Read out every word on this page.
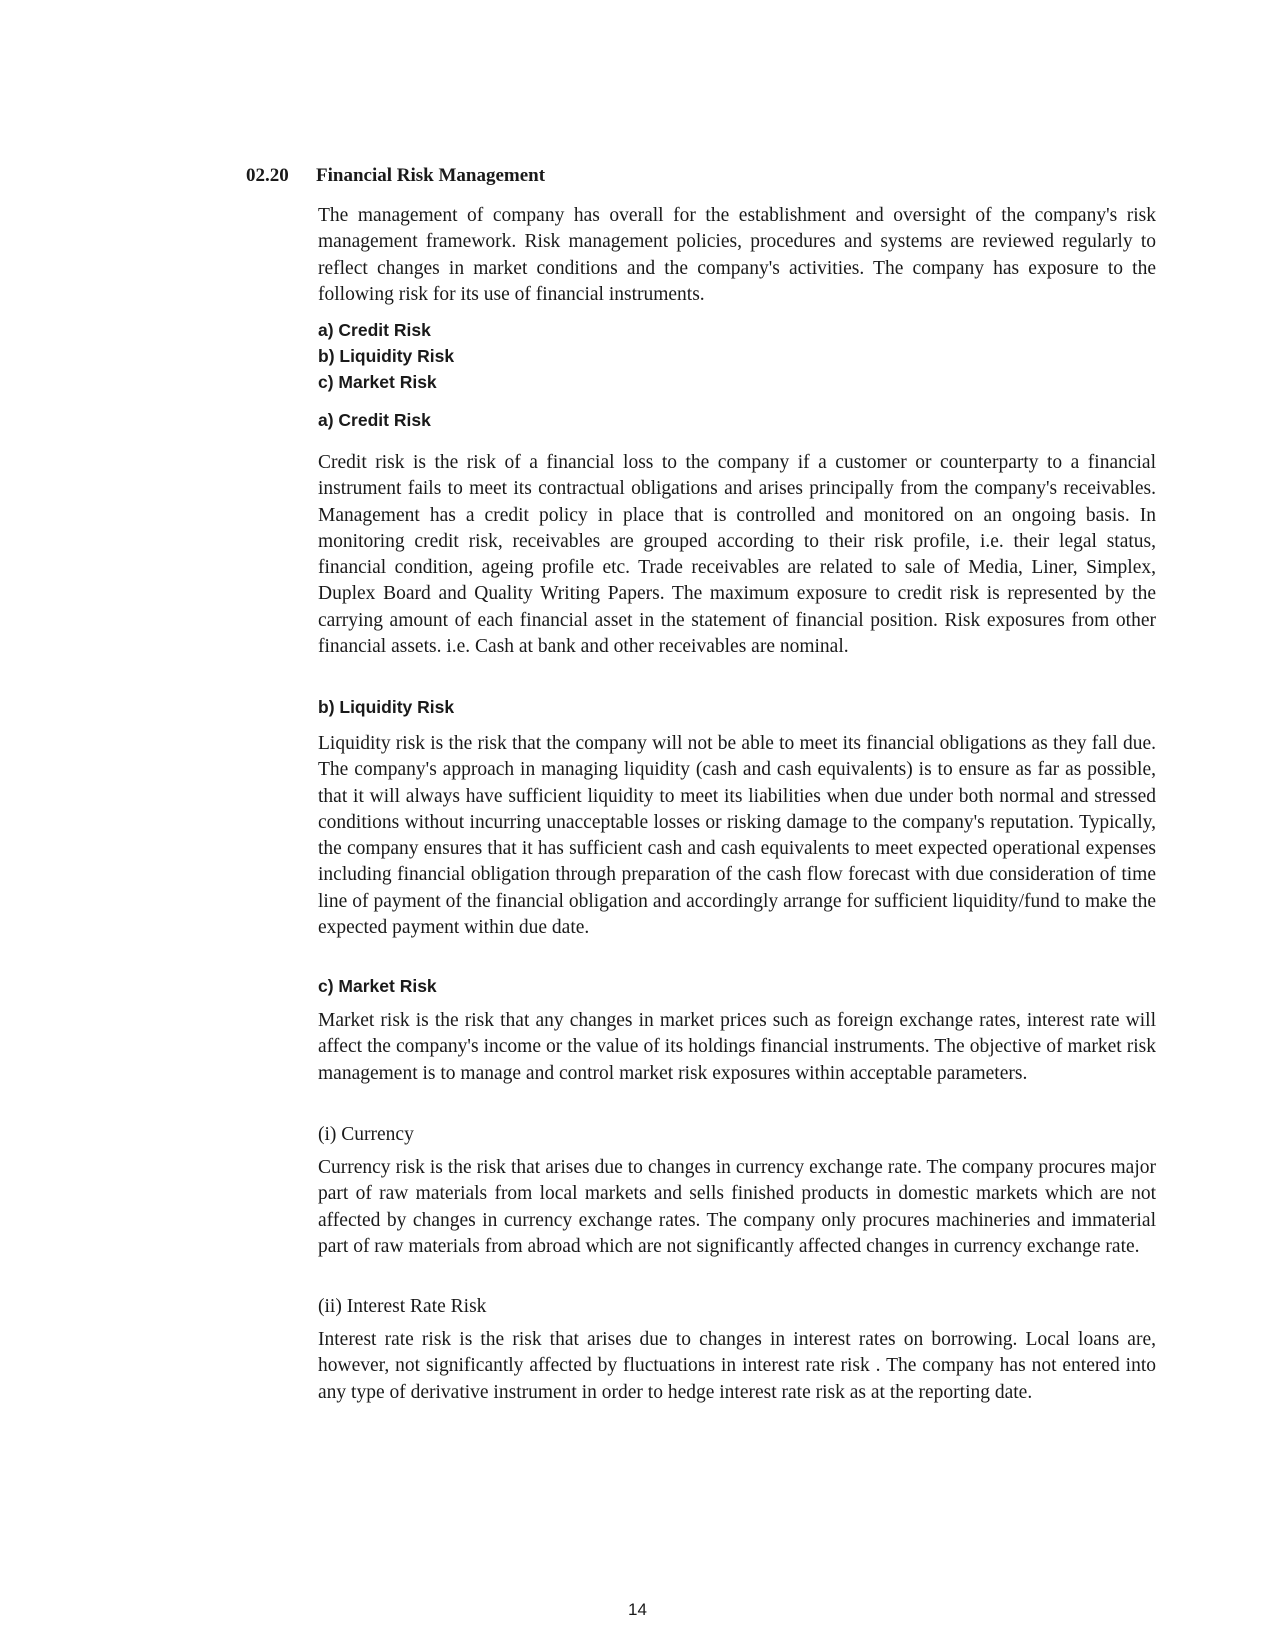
02.20 Financial Risk Management

The management of company has overall for the establishment and oversight of the company's risk management framework. Risk management policies, procedures and systems are reviewed regularly to reflect changes in market conditions and the company's activities. The company has exposure to the following risk for its use of financial instruments.

a) Credit Risk

b) Liquidity Risk

c) Market Risk

a) Credit Risk

Credit risk is the risk of a financial loss to the company if a customer or counterparty to a financial instrument fails to meet its contractual obligations and arises principally from the company's receivables. Management has a credit policy in place that is controlled and monitored on an ongoing basis. In monitoring credit risk, receivables are grouped according to their risk profile, i.e. their legal status, financial condition, ageing profile etc. Trade receivables are related to sale of Media, Liner, Simplex, Duplex Board and Quality Writing Papers. The maximum exposure to credit risk is represented by the carrying amount of each financial asset in the statement of financial position. Risk exposures from other financial assets. i.e. Cash at bank and other receivables are nominal.

b) Liquidity Risk

Liquidity risk is the risk that the company will not be able to meet its financial obligations as they fall due. The company's approach in managing liquidity (cash and cash equivalents) is to ensure as far as possible, that it will always have sufficient liquidity to meet its liabilities when due under both normal and stressed conditions without incurring unacceptable losses or risking damage to the company's reputation. Typically, the company ensures that it has sufficient cash and cash equivalents to meet expected operational expenses including financial obligation through preparation of the cash flow forecast with due consideration of time line of payment of the financial obligation and accordingly arrange for sufficient liquidity/fund to make the expected payment within due date.

c) Market Risk

Market risk is the risk that any changes in market prices such as foreign exchange rates, interest rate will affect the company's income or the value of its holdings financial instruments. The objective of market risk management is to manage and control market risk exposures within acceptable parameters.

(i) Currency

Currency risk is the risk that arises due to changes in currency exchange rate. The company procures major part of raw materials from local markets and sells finished products in domestic markets which are not affected by changes in currency exchange rates. The company only procures machineries and immaterial part of raw materials from abroad which are not significantly affected changes in currency exchange rate.

(ii) Interest Rate Risk

Interest rate risk is the risk that arises due to changes in interest rates on borrowing. Local loans are, however, not significantly affected by fluctuations in interest rate risk . The company has not entered into any type of derivative instrument in order to hedge interest rate risk as at the reporting date.

14
